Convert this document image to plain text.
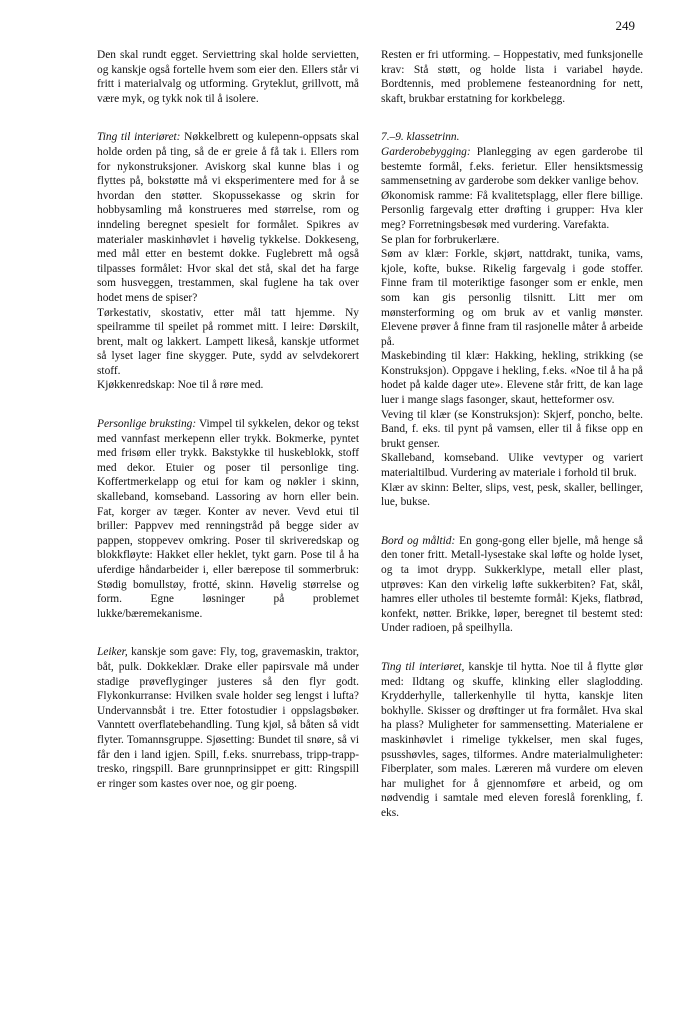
249

Den skal rundt egget. Serviettring skal holde servietten, og kanskje også fortelle hvem som eier den. Ellers står vi fritt i materialvalg og utforming. Gryteklut, grillvott, må være myk, og tykk nok til å isolere.

Ting til interiøret: Nøkkelbrett og kulepenn-oppsats skal holde orden på ting, så de er greie å få tak i. Ellers rom for nykonstruksjoner. Aviskorg skal kunne blas i og flyttes på, bokstøtte må vi eksperimentere med for å se hvordan den støtter. Skopussekasse og skrin for hobbysamling må konstrueres med størrelse, rom og inndeling beregnet spesielt for formålet. Spikres av materialer maskinhøvlet i høvelig tykkelse. Dokkeseng, med mål etter en bestemt dokke. Fuglebrett må også tilpasses formålet: Hvor skal det stå, skal det ha farge som husveggen, trestammen, skal fuglene ha tak over hodet mens de spiser?

Tørkestativ, skostativ, etter mål tatt hjemme. Ny speilramme til speilet på rommet mitt. I leire: Dørskilt, brent, malt og lakkert. Lampett likeså, kanskje utformet så lyset lager fine skygger. Pute, sydd av selvdekorert stoff.

Kjøkkenredskap: Noe til å røre med.

Personlige bruksting: Vimpel til sykkelen, dekor og tekst med vannfast merkepenn eller trykk. Bokmerke, pyntet med frisøm eller trykk. Bakstykke til huskeblokk, stoff med dekor. Etuier og poser til personlige ting. Koffertmerkelapp og etui for kam og nøkler i skinn, skalleband, komseband. Lassoring av horn eller bein. Fat, korger av tæger. Konter av never. Vevd etui til briller: Pappvev med renningstråd på begge sider av pappen, stoppevev omkring. Poser til skriveredskap og blokkfløyte: Hakket eller heklet, tykt garn. Pose til å ha uferdige håndarbeider i, eller bærepose til sommerbruk: Stødig bomullstøy, frotté, skinn. Høvelig størrelse og form. Egne løsninger på problemet lukke/bæremekanisme.

Leiker, kanskje som gave: Fly, tog, gravemaskin, traktor, båt, pulk. Dokkeklær. Drake eller papirsvale må under stadige prøveflyginger justeres så den flyr godt. Flykonkurranse: Hvilken svale holder seg lengst i lufta? Undervannsbåt i tre. Etter fotostudier i oppslagsbøker. Vanntett overflatebehandling. Tung kjøl, så båten så vidt flyter. Tomannsgruppe. Sjøsetting: Bundet til snøre, så vi får den i land igjen. Spill, f.eks. snurrebass, tripp-trapp-tresko, ringspill. Bare grunnprinsippet er gitt: Ringspill er ringer som kastes over noe, og gir poeng.

Resten er fri utforming. – Hoppestativ, med funksjonelle krav: Stå støtt, og holde lista i variabel høyde. Bordtennis, med problemene festeanordning for nett, skaft, brukbar erstatning for korkbelegg.

7.–9. klassetrinn.

Garderobebygging: Planlegging av egen garderobe til bestemte formål, f.eks. ferietur. Eller hensiktsmessig sammensetning av garderobe som dekker vanlige behov.

Økonomisk ramme: Få kvalitetsplagg, eller flere billige. Personlig fargevalg etter drøfting i grupper: Hva kler meg? Forretningsbesøk med vurdering. Varefakta.

Se plan for forbrukerlære.

Søm av klær: Forkle, skjørt, nattdrakt, tunika, vams, kjole, kofte, bukse. Rikelig fargevalg i gode stoffer. Finne fram til moteriktige fasonger som er enkle, men som kan gis personlig tilsnitt. Litt mer om mønsterforming og om bruk av et vanlig mønster. Elevene prøver å finne fram til rasjonelle måter å arbeide på.

Maskebinding til klær: Hakking, hekling, strikking (se Konstruksjon). Oppgave i hekling, f.eks. «Noe til å ha på hodet på kalde dager ute». Elevene står fritt, de kan lage luer i mange slags fasonger, skaut, hetteformer osv.

Veving til klær (se Konstruksjon): Skjerf, poncho, belte. Band, f. eks. til pynt på vamsen, eller til å fikse opp en brukt genser.

Skalleband, komseband. Ulike vevtyper og variert materialtilbud. Vurdering av materiale i forhold til bruk.

Klær av skinn: Belter, slips, vest, pesk, skaller, bellinger, lue, bukse.

Bord og måltid: En gong-gong eller bjelle, må henge så den toner fritt. Metall-lysestake skal løfte og holde lyset, og ta imot drypp. Sukkerklype, metall eller plast, utprøves: Kan den virkelig løfte sukkerbiten? Fat, skål, hamres eller utholes til bestemte formål: Kjeks, flatbrød, konfekt, nøtter. Brikke, løper, beregnet til bestemt sted: Under radioen, på speilhylla.

Ting til interiøret, kanskje til hytta. Noe til å flytte glør med: Ildtang og skuffe, klinking eller slaglodding. Krydderhylle, tallerkenhylle til hytta, kanskje liten bokhylle. Skisser og drøftinger ut fra formålet. Hva skal ha plass? Muligheter for sammensetting. Materialene er maskinhøvlet i rimelige tykkelser, men skal fuges, psusshøvles, sages, tilformes. Andre materialmuligheter: Fiberplater, som males. Læreren må vurdere om eleven har mulighet for å gjennomføre et arbeid, og om nødvendig i samtale med eleven foreslå forenkling, f. eks.
